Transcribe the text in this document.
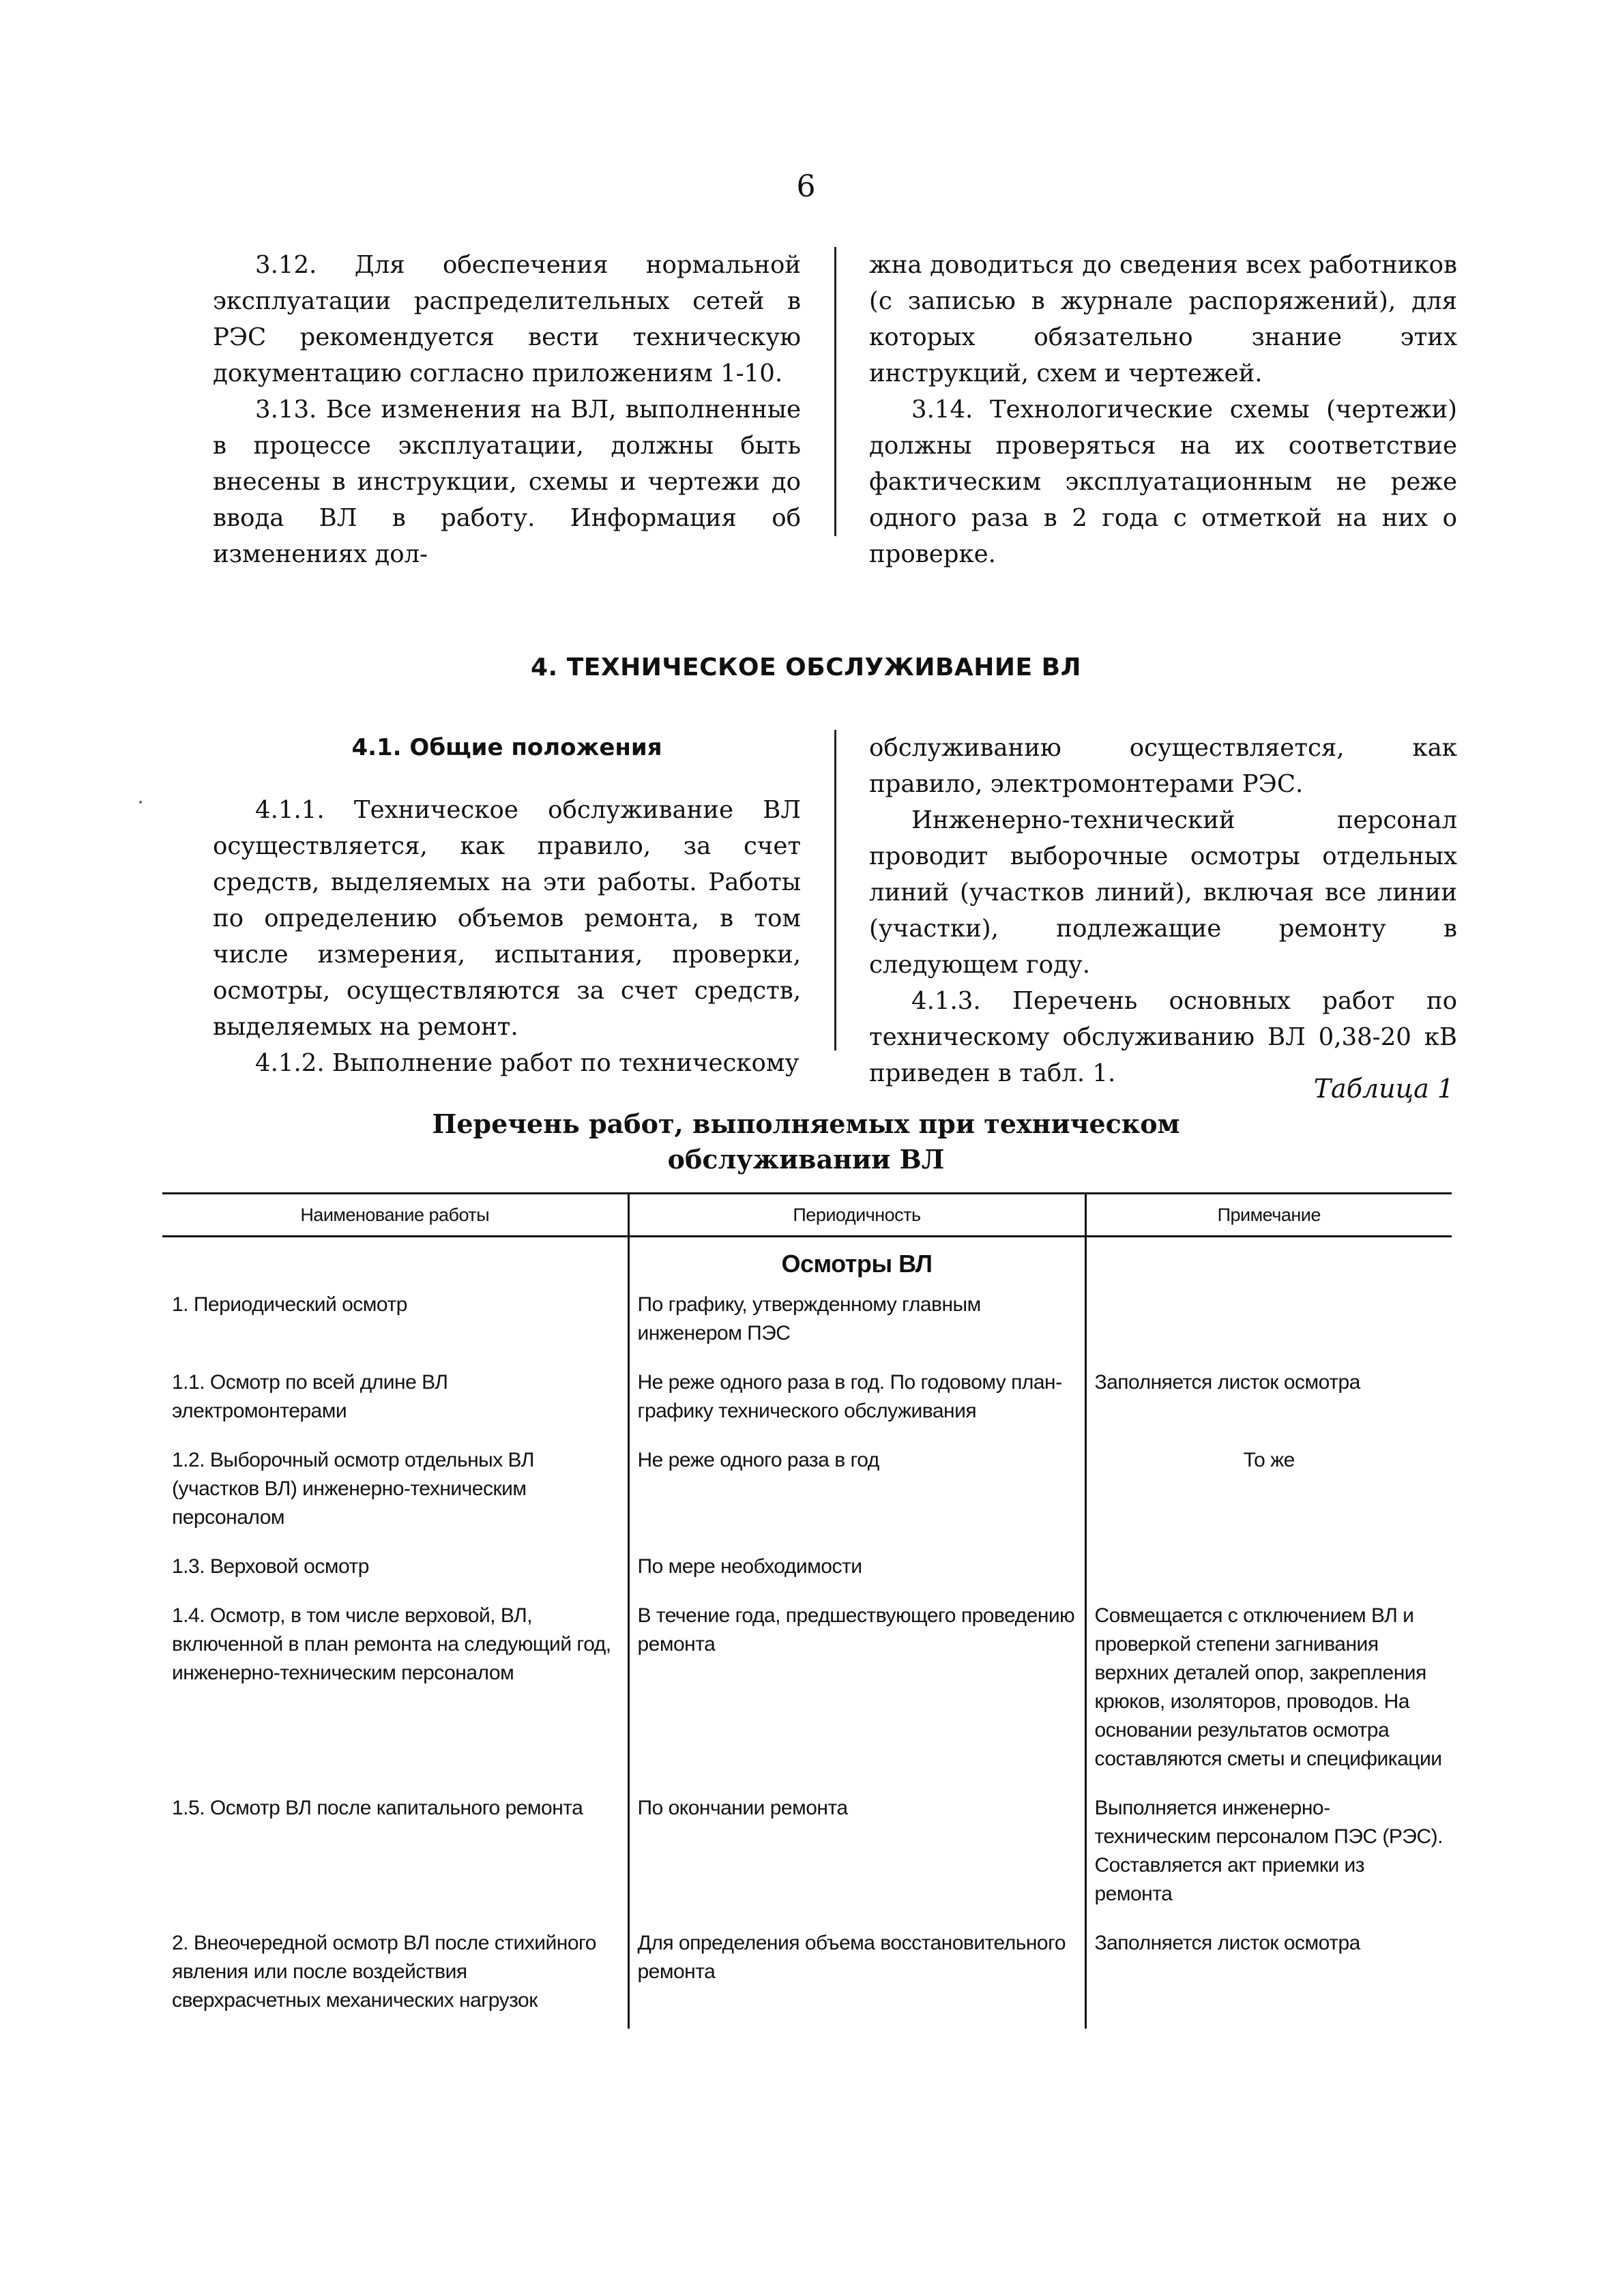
6

3.12. Для обеспечения нормальной эксплуатации распределительных сетей в РЭС рекомендуется вести техническую документацию согласно приложениям 1-10.

3.13. Все изменения на ВЛ, выполненные в процессе эксплуатации, должны быть внесены в инструкции, схемы и чертежи до ввода ВЛ в работу. Информация об изменениях дол-

жна доводиться до сведения всех работников (с записью в журнале распоряжений), для которых обязательно знание этих инструкций, схем и чертежей.

3.14. Технологические схемы (чертежи) должны проверяться на их соответствие фактическим эксплуатационным не реже одного раза в 2 года с отметкой на них о проверке.

4. ТЕХНИЧЕСКОЕ ОБСЛУЖИВАНИЕ ВЛ
4.1. Общие положения

4.1.1. Техническое обслуживание ВЛ осуществляется, как правило, за счет средств, выделяемых на эти работы. Работы по определению объемов ремонта, в том числе измерения, испытания, проверки, осмотры, осуществляются за счет средств, выделяемых на ремонт.

4.1.2. Выполнение работ по техническому

обслуживанию осуществляется, как правило, электромонтерами РЭС.

Инженерно-технический персонал проводит выборочные осмотры отдельных линий (участков линий), включая все линии (участки), подлежащие ремонту в следующем году.

4.1.3. Перечень основных работ по техническому обслуживанию ВЛ 0,38-20 кВ приведен в табл. 1.

Таблица 1
Перечень работ, выполняемых при техническом
обслуживании ВЛ
Наименование работы	Периодичность	Примечание
	Осмотры ВЛ	
1. Периодический осмотр	По графику, утвержденному главным инженером ПЭС	
1.1. Осмотр по всей длине ВЛ электромонтерами	Не реже одного раза в год. По годовому план-графику технического обслуживания	Заполняется листок осмотра
1.2. Выборочный осмотр отдельных ВЛ (участков ВЛ) инженерно-техническим персоналом	Не реже одного раза в год	То же
1.3. Верховой осмотр	По мере необходимости	
1.4. Осмотр, в том числе верховой, ВЛ, включенной в план ремонта на следующий год, инженерно-техническим персоналом	В течение года, предшествующего проведению ремонта	Совмещается с отключением ВЛ и проверкой степени загнивания верхних деталей опор, закрепления крюков, изоляторов, проводов. На основании результатов осмотра составляются сметы и спецификации
1.5. Осмотр ВЛ после капитального ремонта	По окончании ремонта	Выполняется инженерно-техническим персоналом ПЭС (РЭС). Составляется акт приемки из ремонта
2. Внеочередной осмотр ВЛ после стихийного явления или после воздействия сверхрасчетных механических нагрузок	Для определения объема восстановительного ремонта	Заполняется листок осмотра
